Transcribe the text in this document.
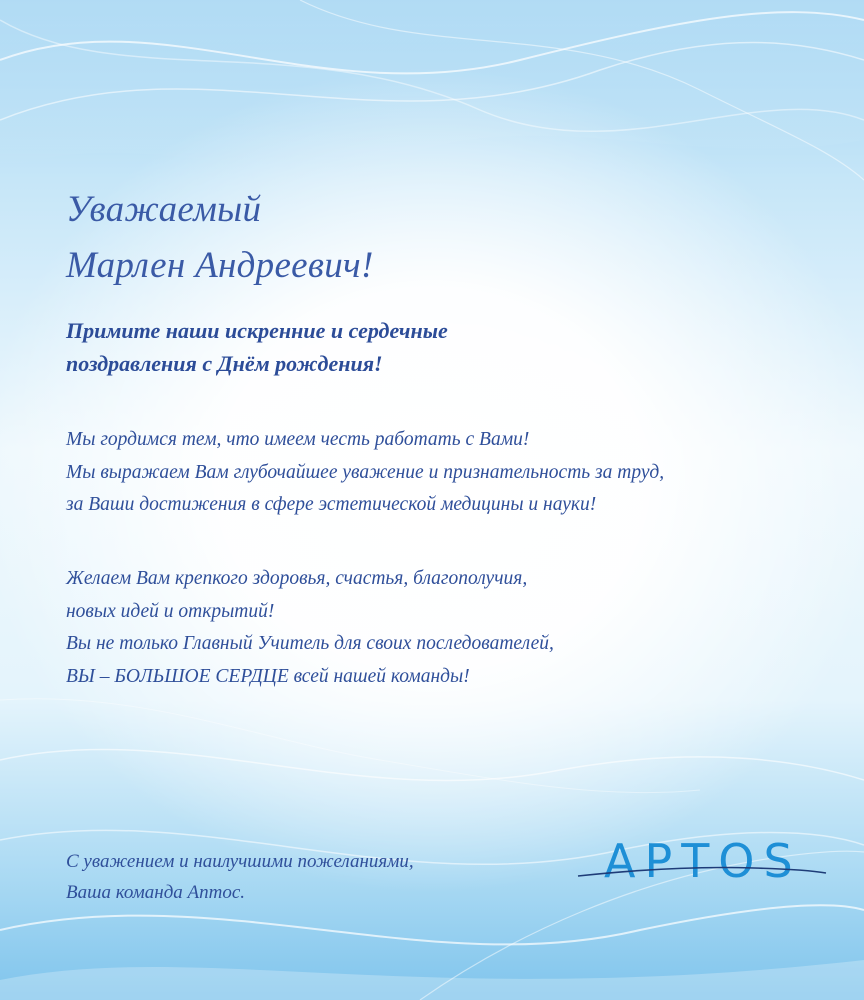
Уважаемый
Марлен Андреевич!
Примите наши искренние и сердечные
поздравления с Днём рождения!
Мы гордимся тем, что имеем честь работать с Вами!
Мы выражаем Вам глубочайшее уважение и признательность за труд,
за Ваши достижения в сфере эстетической медицины и науки!
Желаем Вам крепкого здоровья, счастья, благополучия,
новых идей и открытий!
Вы не только Главный Учитель для своих последователей,
ВЫ – БОЛЬШОЕ СЕРДЦЕ всей нашей команды!
С уважением и наилучшими пожеланиями,
Ваша команда Аптос.
APTOS
